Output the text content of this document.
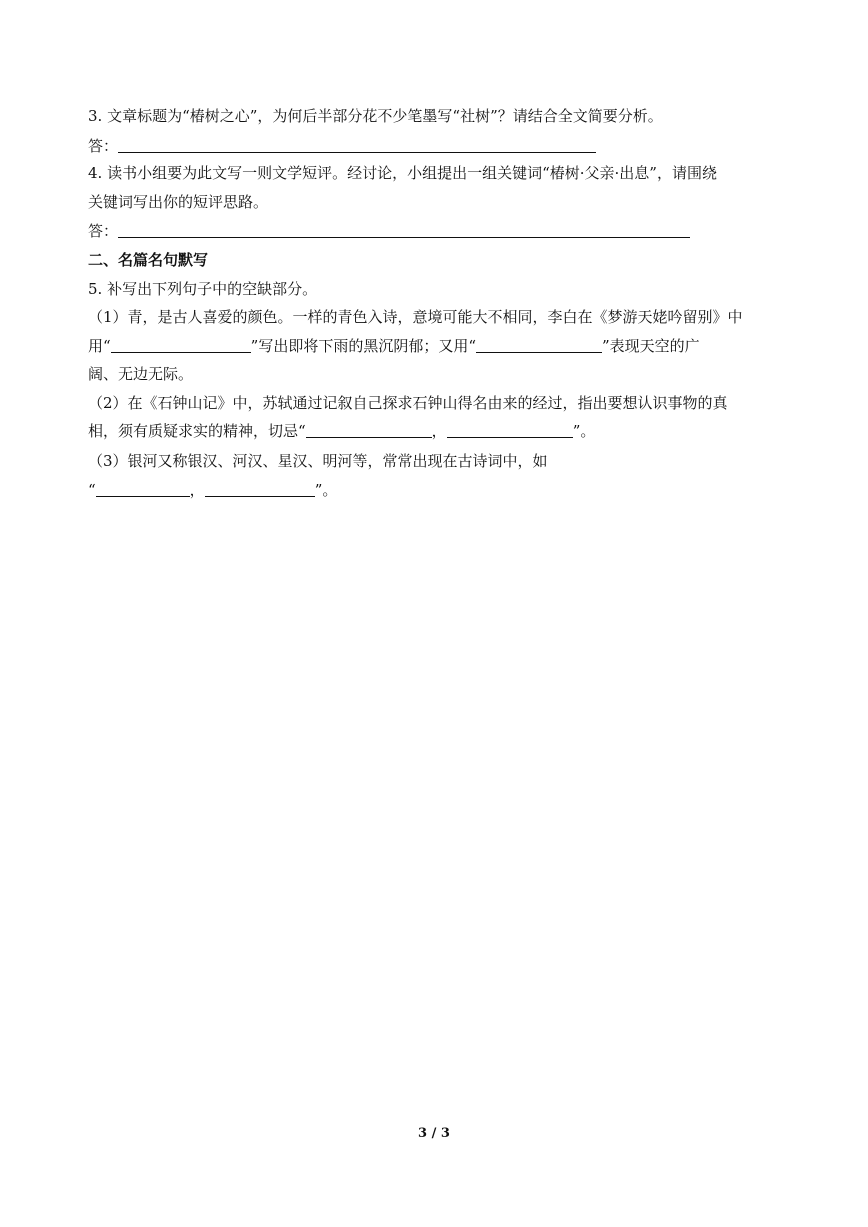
3. 文章标题为“椿树之心”，为何后半部分花不少笔墨写“社树”？请结合全文简要分析。
答：
4. 读书小组要为此文写一则文学短评。经讨论，小组提出一组关键词“椿树·父亲·出息”，请围绕
关键词写出你的短评思路。
答：
二、名篇名句默写
5. 补写出下列句子中的空缺部分。
（1）青，是古人喜爱的颜色。一样的青色入诗，意境可能大不相同，李白在《梦游天姥吟留别》中
用“	”写出即将下雨的黑沉阴郁；又用“	”表现天空的广
阔、无边无际。
（2）在《石钟山记》中，苏轼通过记叙自己探求石钟山得名由来的经过，指出要想认识事物的真
相，须有质疑求实的精神，切忌“	，	”。
（3）银河又称银汉、河汉、星汉、明河等，常常出现在古诗词中，如
“	，	”。
3 / 3
